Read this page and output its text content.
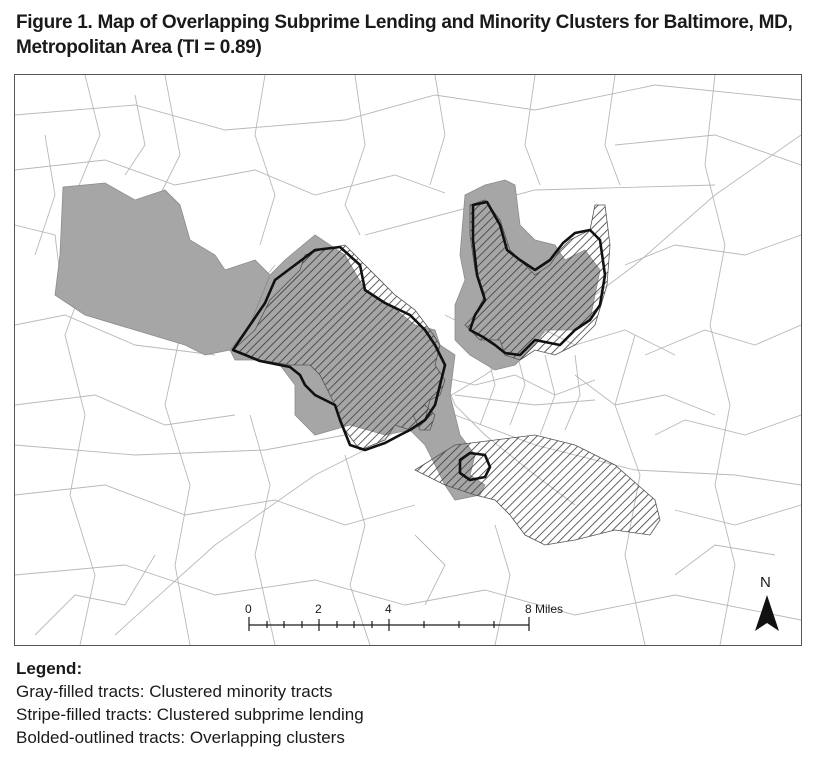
Figure 1. Map of Overlapping Subprime Lending and Minority Clusters for Baltimore, MD, Metropolitan Area (TI = 0.89)
0	2	4	8 Miles
N
Legend:
Gray-filled tracts: Clustered minority tracts
Stripe-filled tracts: Clustered subprime lending
Bolded-outlined tracts: Overlapping clusters
